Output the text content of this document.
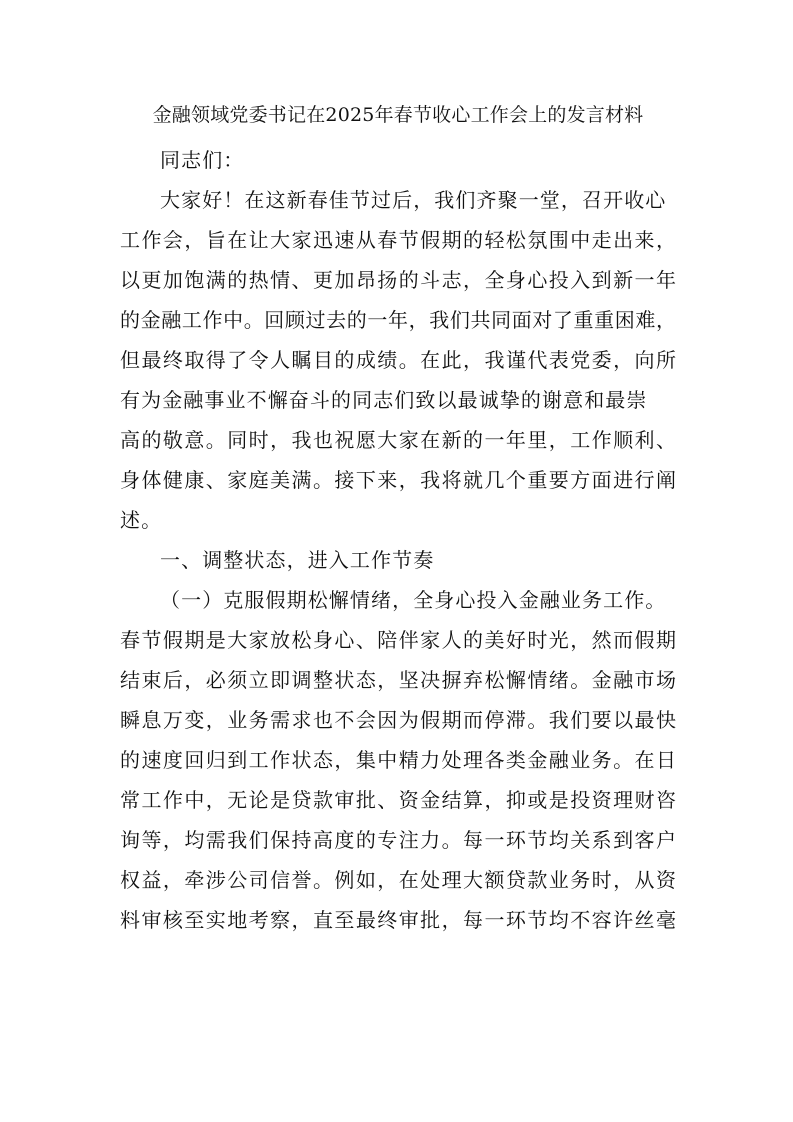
金融领域党委书记在2025年春节收心工作会上的发言材料
同志们：
大家好！在这新春佳节过后，我们齐聚一堂，召开收心
工作会，旨在让大家迅速从春节假期的轻松氛围中走出来，
以更加饱满的热情、更加昂扬的斗志，全身心投入到新一年
的金融工作中。回顾过去的一年，我们共同面对了重重困难，
但最终取得了令人瞩目的成绩。在此，我谨代表党委，向所
有为金融事业不懈奋斗的同志们致以最诚挚的谢意和最崇
高的敬意。同时，我也祝愿大家在新的一年里，工作顺利、
身体健康、家庭美满。接下来，我将就几个重要方面进行阐
述。
一、调整状态，进入工作节奏
（一）克服假期松懈情绪，全身心投入金融业务工作。
春节假期是大家放松身心、陪伴家人的美好时光，然而假期
结束后，必须立即调整状态，坚决摒弃松懈情绪。金融市场
瞬息万变，业务需求也不会因为假期而停滞。我们要以最快
的速度回归到工作状态，集中精力处理各类金融业务。在日
常工作中，无论是贷款审批、资金结算，抑或是投资理财咨
询等，均需我们保持高度的专注力。每一环节均关系到客户
权益，牵涉公司信誉。例如，在处理大额贷款业务时，从资
料审核至实地考察，直至最终审批，每一环节均不容许丝毫
